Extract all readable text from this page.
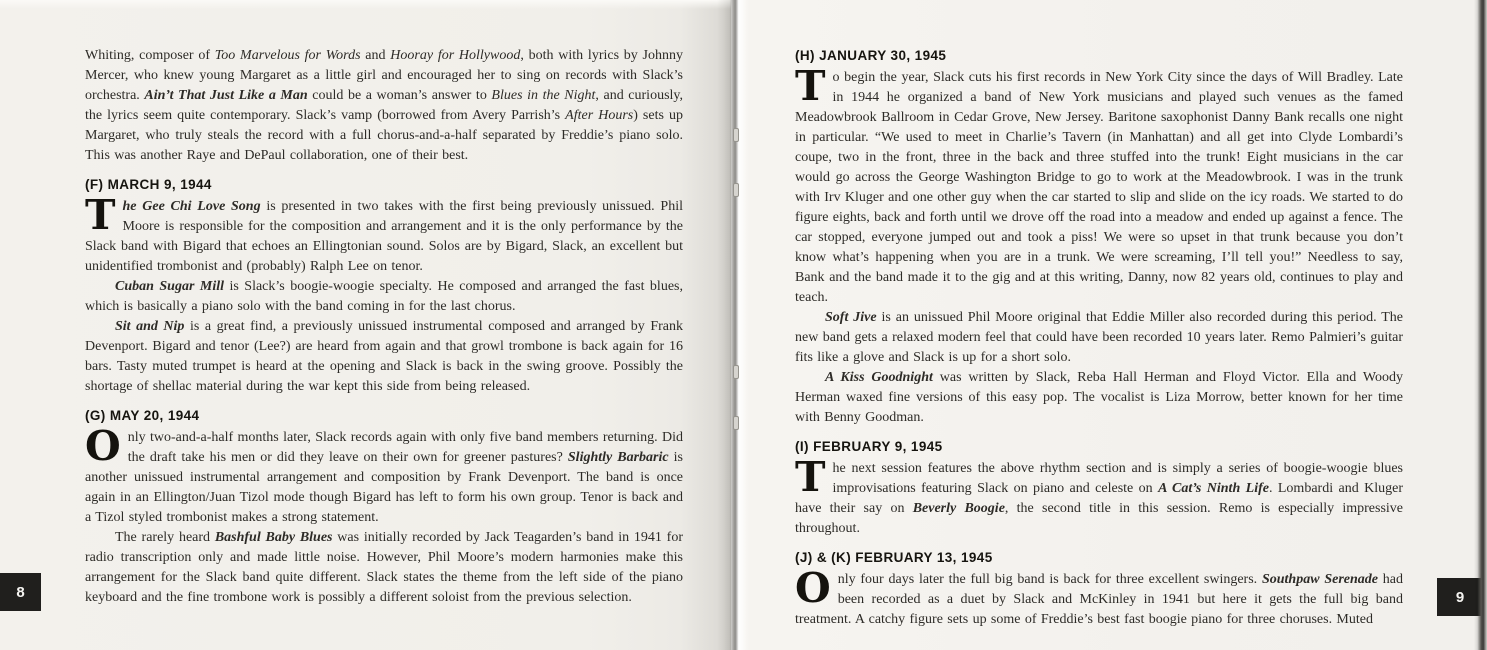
Whiting, composer of Too Marvelous for Words and Hooray for Hollywood, both with lyrics by Johnny Mercer, who knew young Margaret as a little girl and encouraged her to sing on records with Slack’s orchestra. Ain’t That Just Like a Man could be a woman’s answer to Blues in the Night, and curiously, the lyrics seem quite contemporary. Slack’s vamp (borrowed from Avery Parrish’s After Hours) sets up Margaret, who truly steals the record with a full chorus-and-a-half separated by Freddie’s piano solo. This was another Raye and DePaul collaboration, one of their best.

(F) MARCH 9, 1944

The Gee Chi Love Song is presented in two takes with the first being previously unissued. Phil Moore is responsible for the composition and arrangement and it is the only performance by the Slack band with Bigard that echoes an Ellingtonian sound. Solos are by Bigard, Slack, an excellent but unidentified trombonist and (probably) Ralph Lee on tenor.

Cuban Sugar Mill is Slack’s boogie-woogie specialty. He composed and arranged the fast blues, which is basically a piano solo with the band coming in for the last chorus.

Sit and Nip is a great find, a previously unissued instrumental composed and arranged by Frank Devenport. Bigard and tenor (Lee?) are heard from again and that growl trombone is back again for 16 bars. Tasty muted trumpet is heard at the opening and Slack is back in the swing groove. Possibly the shortage of shellac material during the war kept this side from being released.

(G) MAY 20, 1944

Only two-and-a-half months later, Slack records again with only five band members returning. Did the draft take his men or did they leave on their own for greener pastures? Slightly Barbaric is another unissued instrumental arrangement and composition by Frank Devenport. The band is once again in an Ellington/Juan Tizol mode though Bigard has left to form his own group. Tenor is back and a Tizol styled trombonist makes a strong statement.

The rarely heard Bashful Baby Blues was initially recorded by Jack Teagarden’s band in 1941 for radio transcription only and made little noise. However, Phil Moore’s modern harmonies make this arrangement for the Slack band quite different. Slack states the theme from the left side of the piano keyboard and the fine trombone work is possibly a different soloist from the previous selection.

8
(H) JANUARY 30, 1945

To begin the year, Slack cuts his first records in New York City since the days of Will Bradley. Late in 1944 he organized a band of New York musicians and played such venues as the famed Meadowbrook Ballroom in Cedar Grove, New Jersey. Baritone saxophonist Danny Bank recalls one night in particular. “We used to meet in Charlie’s Tavern (in Manhattan) and all get into Clyde Lombardi’s coupe, two in the front, three in the back and three stuffed into the trunk! Eight musicians in the car would go across the George Washington Bridge to go to work at the Meadowbrook. I was in the trunk with Irv Kluger and one other guy when the car started to slip and slide on the icy roads. We started to do figure eights, back and forth until we drove off the road into a meadow and ended up against a fence. The car stopped, everyone jumped out and took a piss! We were so upset in that trunk because you don’t know what’s happening when you are in a trunk. We were screaming, I’ll tell you!” Needless to say, Bank and the band made it to the gig and at this writing, Danny, now 82 years old, continues to play and teach.

Soft Jive is an unissued Phil Moore original that Eddie Miller also recorded during this period. The new band gets a relaxed modern feel that could have been recorded 10 years later. Remo Palmieri’s guitar fits like a glove and Slack is up for a short solo.

A Kiss Goodnight was written by Slack, Reba Hall Herman and Floyd Victor. Ella and Woody Herman waxed fine versions of this easy pop. The vocalist is Liza Morrow, better known for her time with Benny Goodman.

(I) FEBRUARY 9, 1945

The next session features the above rhythm section and is simply a series of boogie-woogie blues improvisations featuring Slack on piano and celeste on A Cat’s Ninth Life. Lombardi and Kluger have their say on Beverly Boogie, the second title in this session. Remo is especially impressive throughout.

(J) & (K) FEBRUARY 13, 1945

Only four days later the full big band is back for three excellent swingers. Southpaw Serenade had been recorded as a duet by Slack and McKinley in 1941 but here it gets the full big band treatment. A catchy figure sets up some of Freddie’s best fast boogie piano for three choruses. Muted

9
